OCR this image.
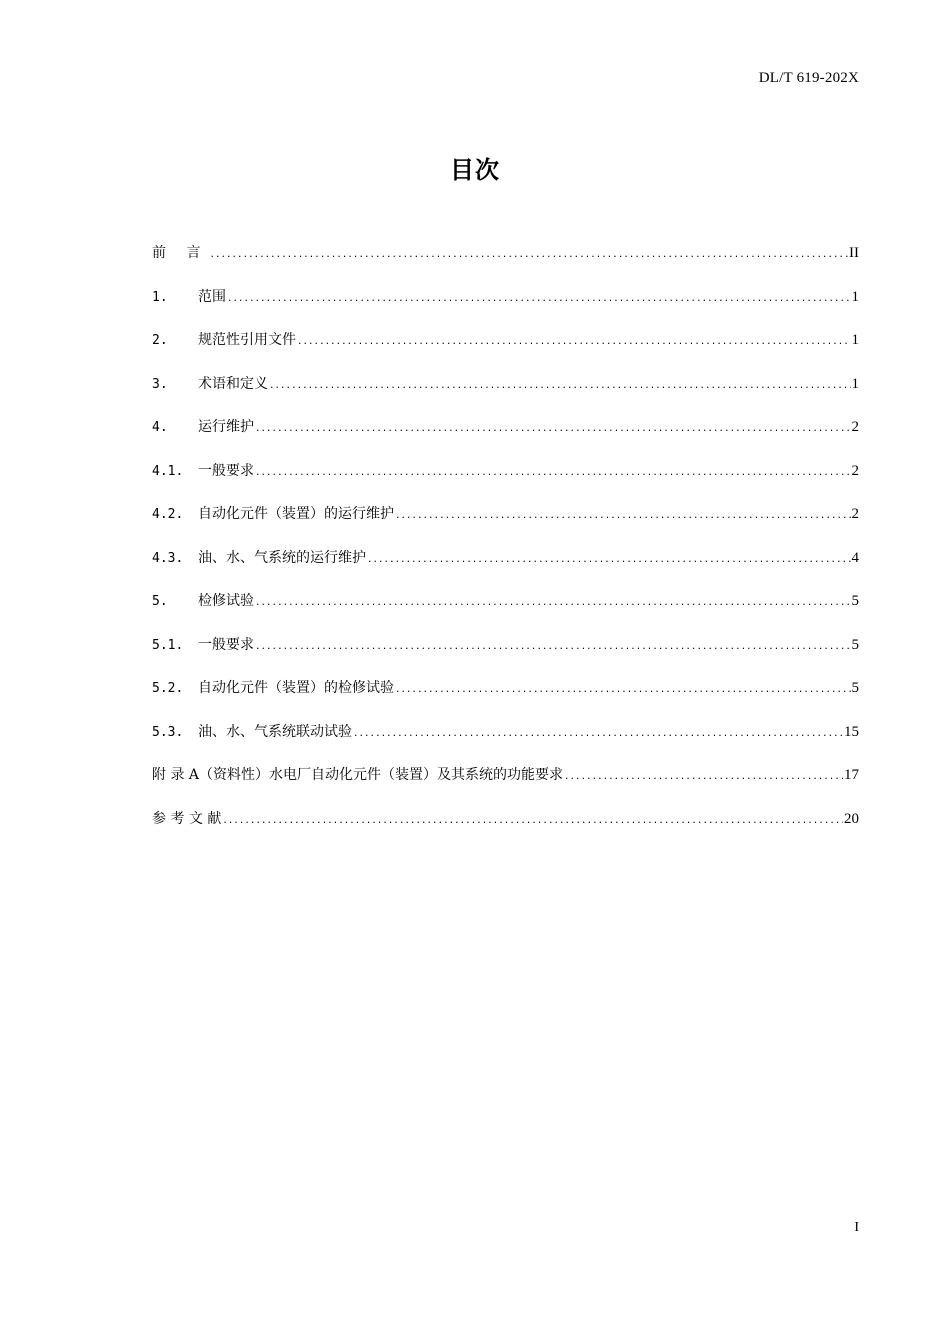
DL/T 619-202X
目次
前 言 .....	II
1.	范围 .....	1
2.	规范性引用文件 .....	1
3.	术语和定义 .....	1
4.	运行维护 .....	2
4.1.	一般要求 .....	2
4.2.	自动化元件（装置）的运行维护 .....	2
4.3.	油、水、气系统的运行维护 .....	4
5.	检修试验 .....	5
5.1.	一般要求 .....	5
5.2.	自动化元件（装置）的检修试验 .....	5
5.3.	油、水、气系统联动试验 .....	15
附 录 A（资料性）水电厂自动化元件（装置）及其系统的功能要求 .....	17
参 考 文 献 .....	20
I
